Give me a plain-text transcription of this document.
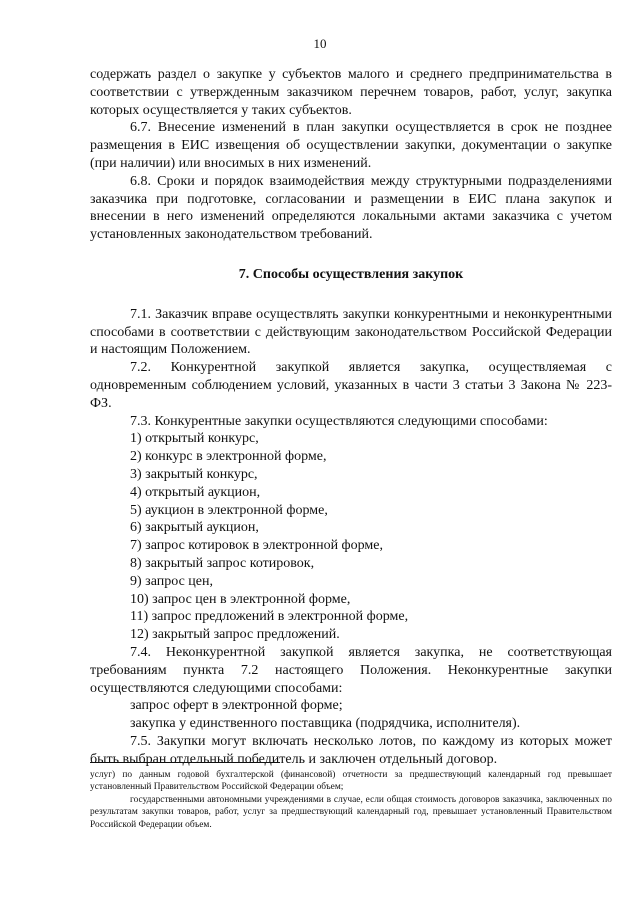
10

содержать раздел о закупке у субъектов малого и среднего предпринимательства в соответствии с утвержденным заказчиком перечнем товаров, работ, услуг, закупка которых осуществляется у таких субъектов.

6.7. Внесение изменений в план закупки осуществляется в срок не позднее размещения в ЕИС извещения об осуществлении закупки, документации о закупке (при наличии) или вносимых в них изменений.

6.8. Сроки и порядок взаимодействия между структурными подразделениями заказчика при подготовке, согласовании и размещении в ЕИС плана закупок и внесении в него изменений определяются локальными актами заказчика с учетом установленных законодательством требований.

7. Способы осуществления закупок

7.1. Заказчик вправе осуществлять закупки конкурентными и неконкурентными способами в соответствии с действующим законодательством Российской Федерации и настоящим Положением.

7.2. Конкурентной закупкой является закупка, осуществляемая с одновременным соблюдением условий, указанных в части 3 статьи 3 Закона № 223-ФЗ.

7.3. Конкурентные закупки осуществляются следующими способами:

1) открытый конкурс,

2) конкурс в электронной форме,

3) закрытый конкурс,

4) открытый аукцион,

5) аукцион в электронной форме,

6) закрытый аукцион,

7) запрос котировок в электронной форме,

8) закрытый запрос котировок,

9) запрос цен,

10) запрос цен в электронной форме,

11) запрос предложений в электронной форме,

12) закрытый запрос предложений.

7.4. Неконкурентной закупкой является закупка, не соответствующая требованиям пункта 7.2 настоящего Положения. Неконкурентные закупки осуществляются следующими способами:

запрос оферт в электронной форме;

закупка у единственного поставщика (подрядчика, исполнителя).

7.5. Закупки могут включать несколько лотов, по каждому из которых может быть выбран отдельный победитель и заключен отдельный договор.

услуг) по данным годовой бухгалтерской (финансовой) отчетности за предшествующий календарный год превышает установленный Правительством Российской Федерации объем;

государственными автономными учреждениями в случае, если общая стоимость договоров заказчика, заключенных по результатам закупки товаров, работ, услуг за предшествующий календарный год, превышает установленный Правительством Российской Федерации объем.
